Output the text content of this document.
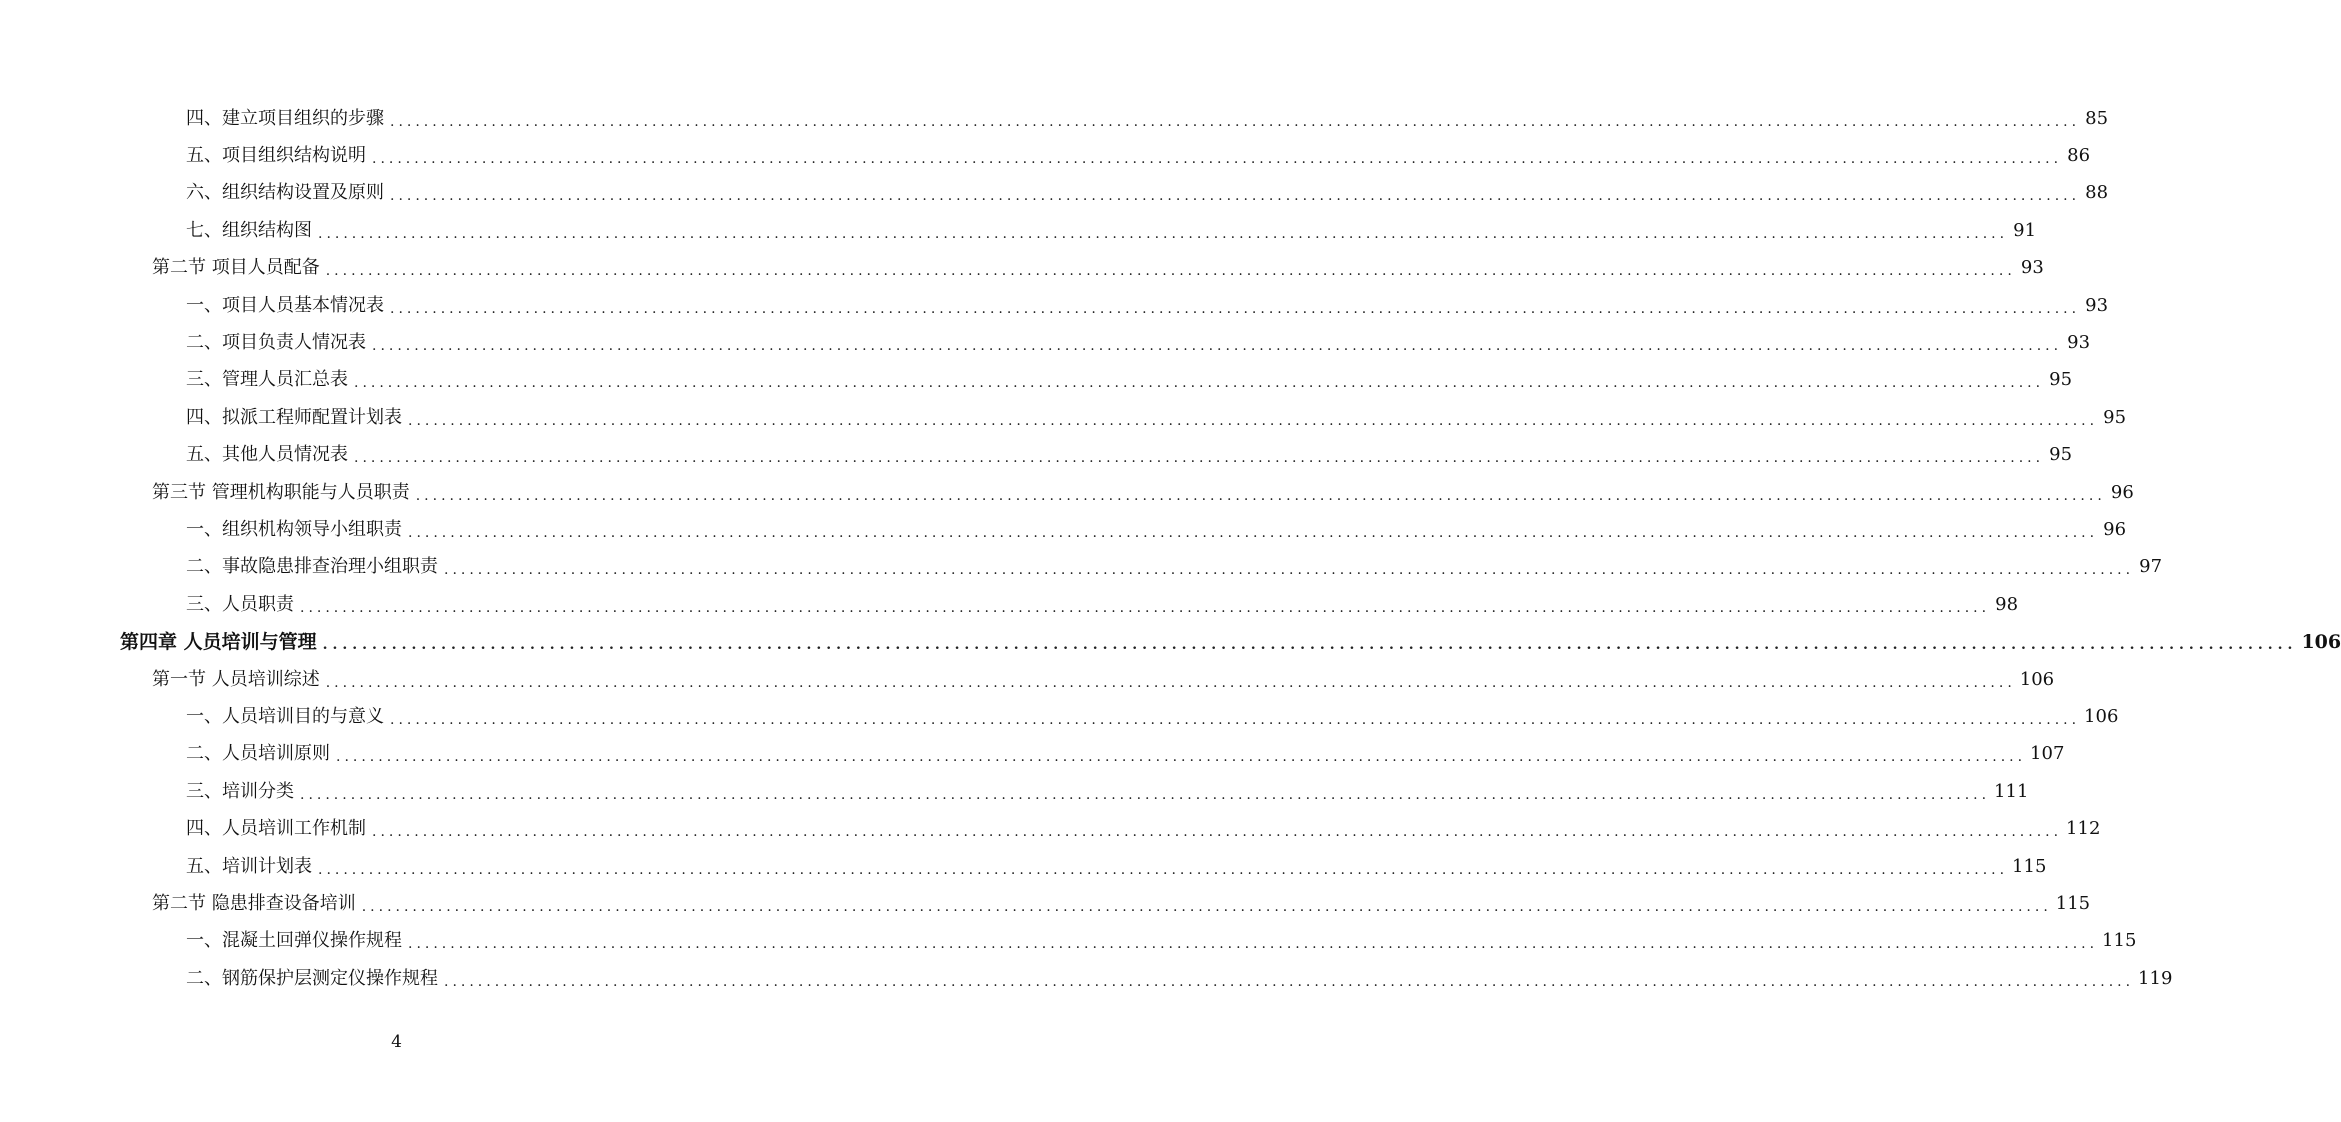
四、建立项目组织的步骤 ........................................................................................................................................................................................................ 85
五、项目组织结构说明 ........................................................................................................................................................................................................ 86
六、组织结构设置及原则 ........................................................................................................................................................................................................ 88
七、组织结构图 ........................................................................................................................................................................................................ 91
第二节 项目人员配备 ........................................................................................................................................................................................................ 93
一、项目人员基本情况表 ........................................................................................................................................................................................................ 93
二、项目负责人情况表 ........................................................................................................................................................................................................ 93
三、管理人员汇总表 ........................................................................................................................................................................................................ 95
四、拟派工程师配置计划表 ........................................................................................................................................................................................................ 95
五、其他人员情况表 ........................................................................................................................................................................................................ 95
第三节 管理机构职能与人员职责 ........................................................................................................................................................................................................ 96
一、组织机构领导小组职责 ........................................................................................................................................................................................................ 96
二、事故隐患排查治理小组职责 ........................................................................................................................................................................................................ 97
三、人员职责 ........................................................................................................................................................................................................ 98
第四章 人员培训与管理 ........................................................................................................................................................................................................ 106
第一节 人员培训综述 ........................................................................................................................................................................................................ 106
一、人员培训目的与意义 ........................................................................................................................................................................................................ 106
二、人员培训原则 ........................................................................................................................................................................................................ 107
三、培训分类 ........................................................................................................................................................................................................ 111
四、人员培训工作机制 ........................................................................................................................................................................................................ 112
五、培训计划表 ........................................................................................................................................................................................................ 115
第二节 隐患排查设备培训 ........................................................................................................................................................................................................ 115
一、混凝土回弹仪操作规程 ........................................................................................................................................................................................................ 115
二、钢筋保护层测定仪操作规程 ........................................................................................................................................................................................................ 119
4
